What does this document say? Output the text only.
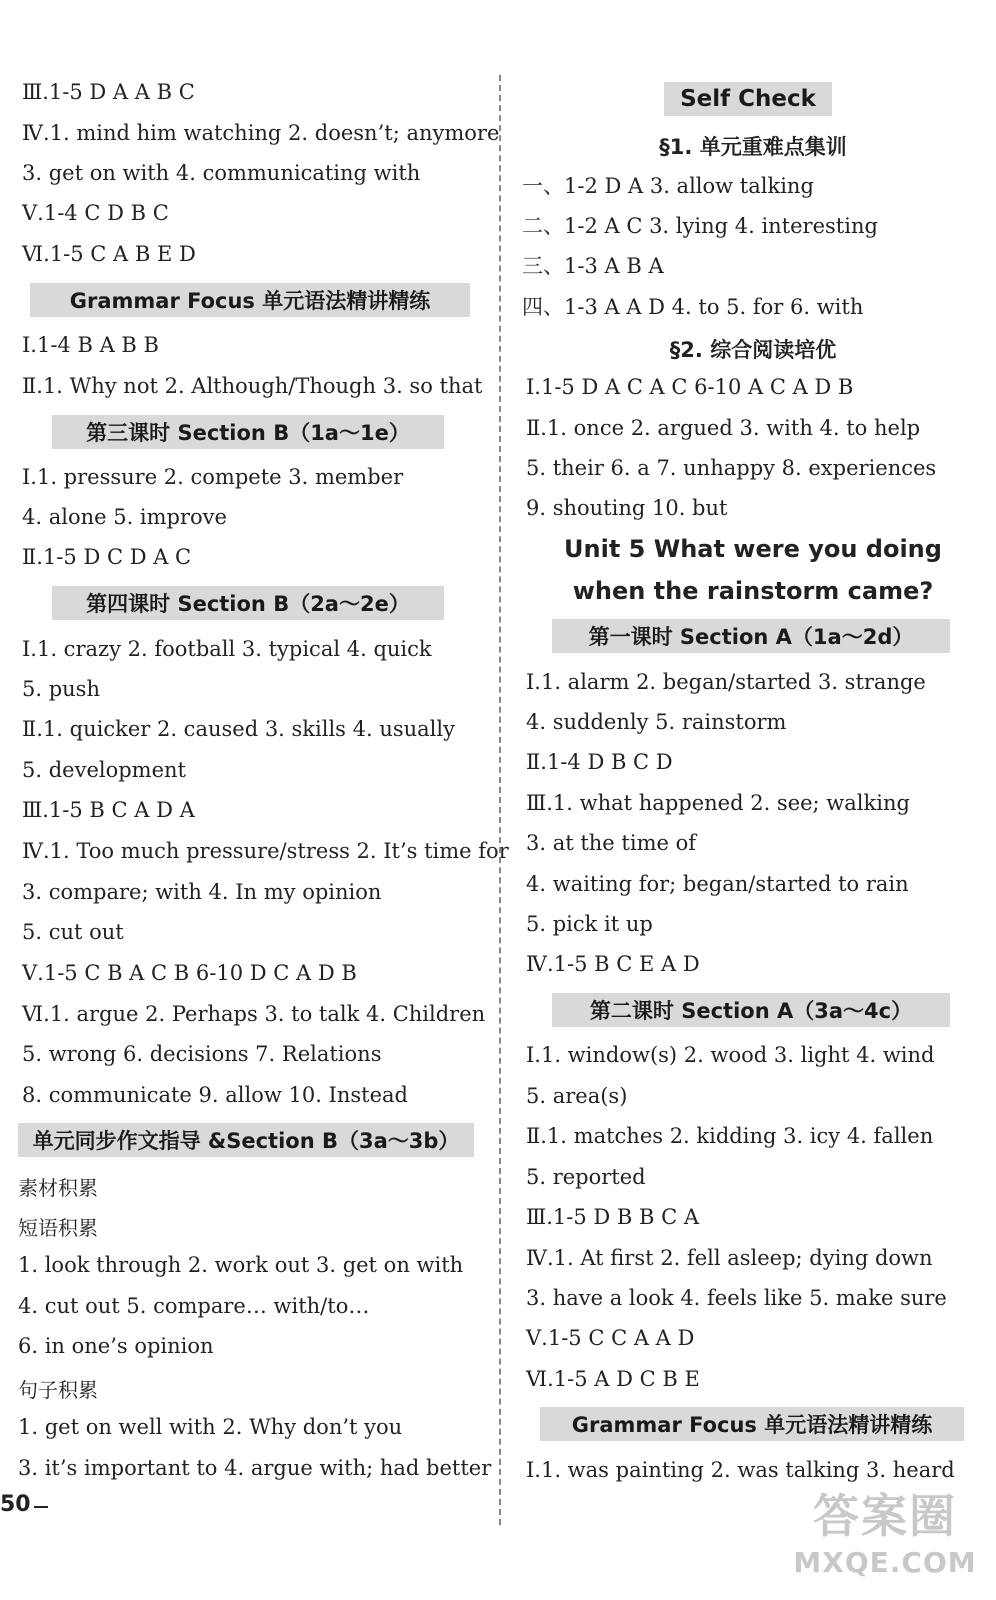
Ⅲ.1-5 D A A B C
Ⅳ.1. mind him watching 2. doesn’t; anymore
3. get on with 4. communicating with
Ⅴ.1-4 C D B C
Ⅵ.1-5 C A B E D
Grammar Focus 单元语法精讲精练
Ⅰ.1-4 B A B B
Ⅱ.1. Why not 2. Although/Though 3. so that
第三课时 Section B（1a～1e）
Ⅰ.1. pressure 2. compete 3. member
4. alone 5. improve
Ⅱ.1-5 D C D A C
第四课时 Section B（2a～2e）
Ⅰ.1. crazy 2. football 3. typical 4. quick
5. push
Ⅱ.1. quicker 2. caused 3. skills 4. usually
5. development
Ⅲ.1-5 B C A D A
Ⅳ.1. Too much pressure/stress 2. It’s time for
3. compare; with 4. In my opinion
5. cut out
Ⅴ.1-5 C B A C B 6-10 D C A D B
Ⅵ.1. argue 2. Perhaps 3. to talk 4. Children
5. wrong 6. decisions 7. Relations
8. communicate 9. allow 10. Instead
单元同步作文指导 &Section B（3a～3b）
素材积累
短语积累
1. look through 2. work out 3. get on with
4. cut out 5. compare… with/to…
6. in one’s opinion
句子积累
1. get on well with 2. Why don’t you
3. it’s important to 4. argue with; had better
50
Self Check
§1. 单元重难点集训
一、1-2 D A 3. allow talking
二、1-2 A C 3. lying 4. interesting
三、1-3 A B A
四、1-3 A A D 4. to 5. for 6. with
§2. 综合阅读培优
Ⅰ.1-5 D A C A C 6-10 A C A D B
Ⅱ.1. once 2. argued 3. with 4. to help
5. their 6. a 7. unhappy 8. experiences
9. shouting 10. but
Unit 5 What were you doing
when the rainstorm came?
第一课时 Section A（1a～2d）
Ⅰ.1. alarm 2. began/started 3. strange
4. suddenly 5. rainstorm
Ⅱ.1-4 D B C D
Ⅲ.1. what happened 2. see; walking
3. at the time of
4. waiting for; began/started to rain
5. pick it up
Ⅳ.1-5 B C E A D
第二课时 Section A（3a～4c）
Ⅰ.1. window(s) 2. wood 3. light 4. wind
5. area(s)
Ⅱ.1. matches 2. kidding 3. icy 4. fallen
5. reported
Ⅲ.1-5 D B B C A
Ⅳ.1. At first 2. fell asleep; dying down
3. have a look 4. feels like 5. make sure
Ⅴ.1-5 C C A A D
Ⅵ.1-5 A D C B E
Grammar Focus 单元语法精讲精练
Ⅰ.1. was painting 2. was talking 3. heard
答案圈
MXQE.COM
